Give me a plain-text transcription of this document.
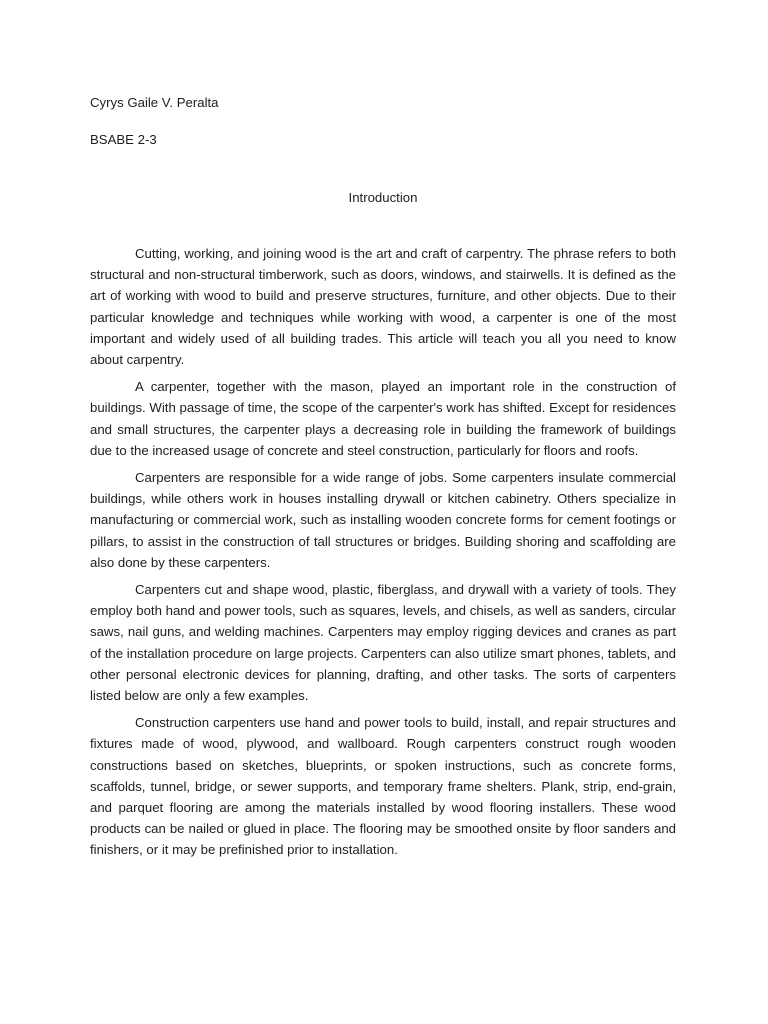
Cyrys Gaile V. Peralta

BSABE 2-3

Introduction

Cutting, working, and joining wood is the art and craft of carpentry. The phrase refers to both structural and non-structural timberwork, such as doors, windows, and stairwells. It is defined as the art of working with wood to build and preserve structures, furniture, and other objects. Due to their particular knowledge and techniques while working with wood, a carpenter is one of the most important and widely used of all building trades. This article will teach you all you need to know about carpentry.

A carpenter, together with the mason, played an important role in the construction of buildings. With passage of time, the scope of the carpenter's work has shifted. Except for residences and small structures, the carpenter plays a decreasing role in building the framework of buildings due to the increased usage of concrete and steel construction, particularly for floors and roofs.

Carpenters are responsible for a wide range of jobs. Some carpenters insulate commercial buildings, while others work in houses installing drywall or kitchen cabinetry. Others specialize in manufacturing or commercial work, such as installing wooden concrete forms for cement footings or pillars, to assist in the construction of tall structures or bridges. Building shoring and scaffolding are also done by these carpenters.

Carpenters cut and shape wood, plastic, fiberglass, and drywall with a variety of tools. They employ both hand and power tools, such as squares, levels, and chisels, as well as sanders, circular saws, nail guns, and welding machines. Carpenters may employ rigging devices and cranes as part of the installation procedure on large projects. Carpenters can also utilize smart phones, tablets, and other personal electronic devices for planning, drafting, and other tasks. The sorts of carpenters listed below are only a few examples.

Construction carpenters use hand and power tools to build, install, and repair structures and fixtures made of wood, plywood, and wallboard. Rough carpenters construct rough wooden constructions based on sketches, blueprints, or spoken instructions, such as concrete forms, scaffolds, tunnel, bridge, or sewer supports, and temporary frame shelters. Plank, strip, end-grain, and parquet flooring are among the materials installed by wood flooring installers. These wood products can be nailed or glued in place. The flooring may be smoothed onsite by floor sanders and finishers, or it may be prefinished prior to installation.
